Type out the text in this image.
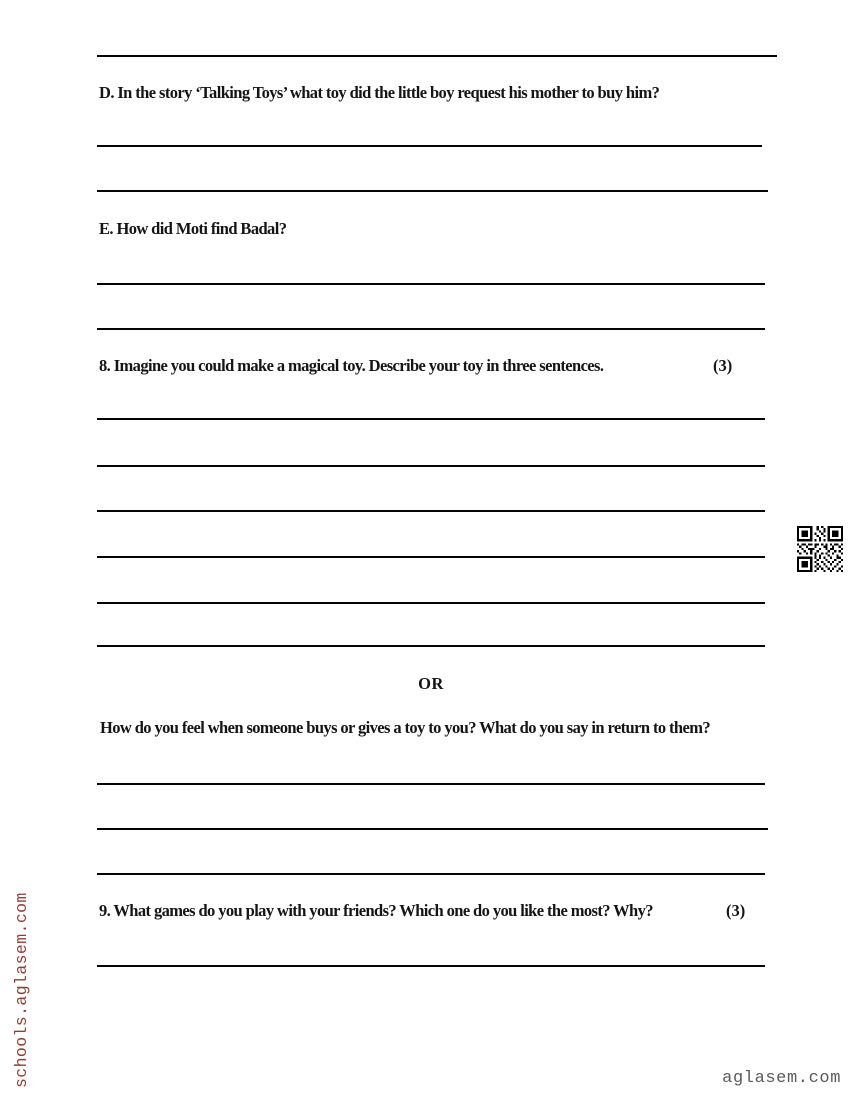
D. In the story ‘Talking Toys’ what toy did the little boy request his mother to buy him?
E. How did Moti find Badal?
8. Imagine you could make a magical toy. Describe your toy in three sentences.	(3)
OR
How do you feel when someone buys or gives a toy to you? What do you say in return to them?
9. What games do you play with your friends? Which one do you like the most? Why?	(3)
schools.aglasem.com	aglasem.com
